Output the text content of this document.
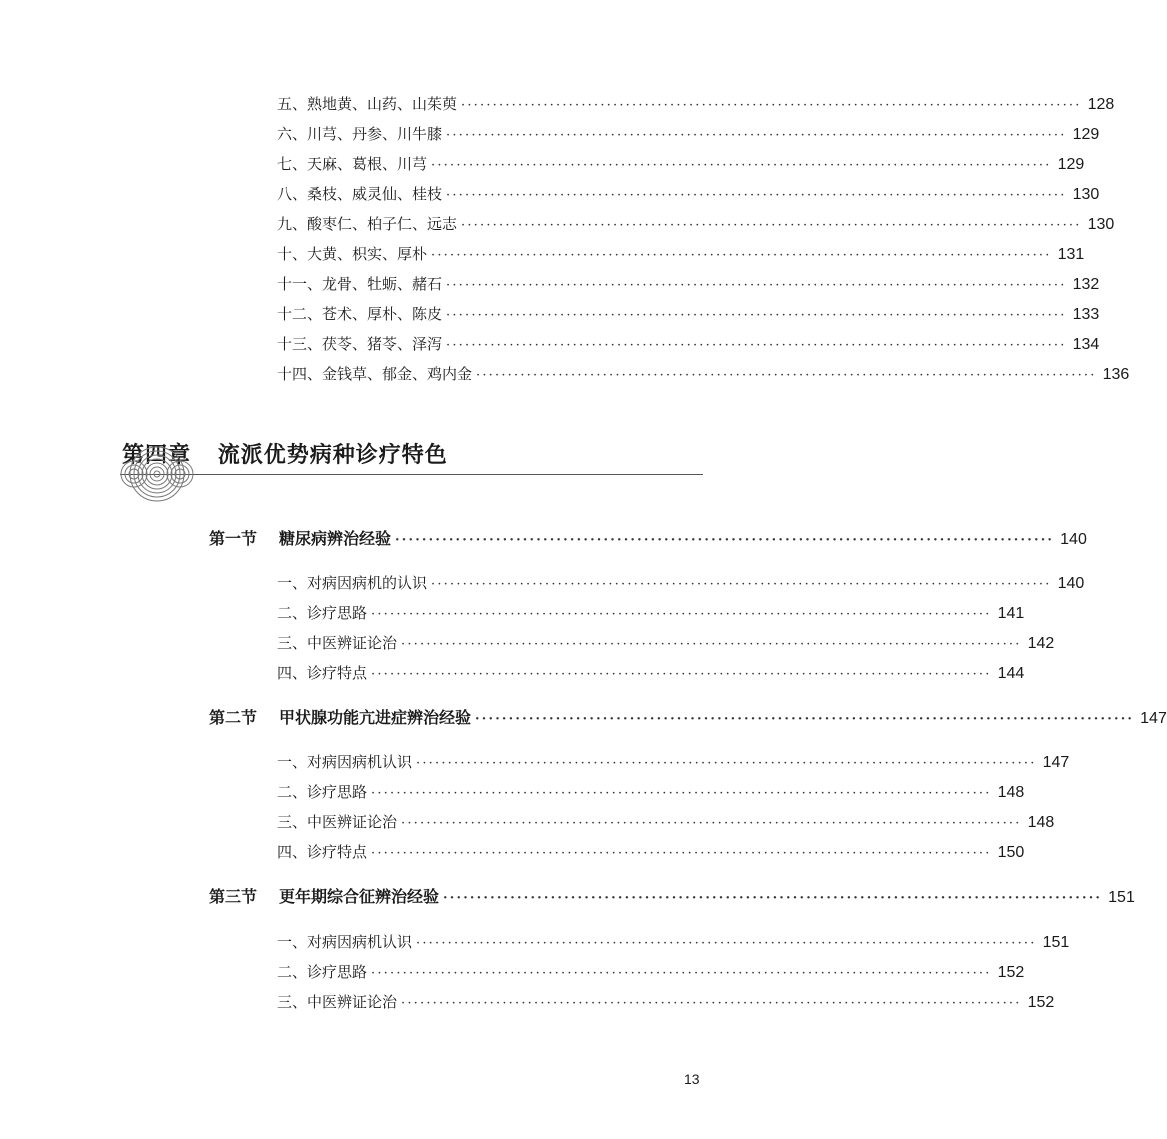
五、熟地黄、山药、山茱萸 ·································································································· 128
六、川芎、丹参、川牛膝 ·································································································· 129
七、天麻、葛根、川芎 ·································································································· 129
八、桑枝、威灵仙、桂枝 ·································································································· 130
九、酸枣仁、柏子仁、远志 ·································································································· 130
十、大黄、枳实、厚朴 ·································································································· 131
十一、龙骨、牡蛎、赭石 ·································································································· 132
十二、苍术、厚朴、陈皮 ·································································································· 133
十三、茯苓、猪苓、泽泻 ·································································································· 134
十四、金钱草、郁金、鸡内金 ·································································································· 136
第四章 流派优势病种诊疗特色
第一节 糖尿病辨治经验 ·································································································· 140
一、对病因病机的认识 ·································································································· 140
二、诊疗思路 ·································································································· 141
三、中医辨证论治 ·································································································· 142
四、诊疗特点 ·································································································· 144
第二节 甲状腺功能亢进症辨治经验 ·································································································· 147
一、对病因病机认识 ·································································································· 147
二、诊疗思路 ·································································································· 148
三、中医辨证论治 ·································································································· 148
四、诊疗特点 ·································································································· 150
第三节 更年期综合征辨治经验 ·································································································· 151
一、对病因病机认识 ·································································································· 151
二、诊疗思路 ·································································································· 152
三、中医辨证论治 ·································································································· 152
13
